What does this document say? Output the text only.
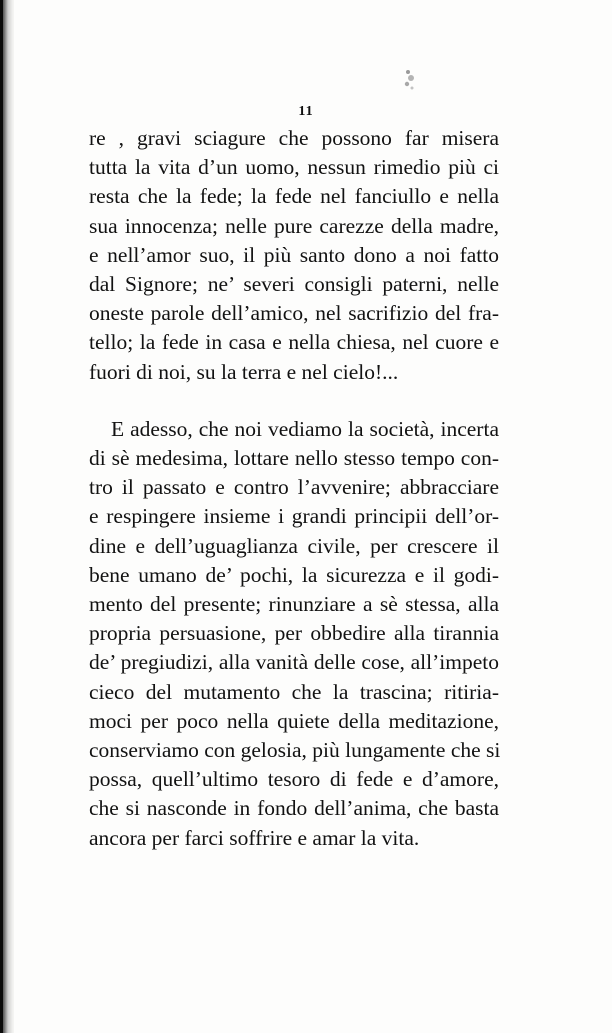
11
re , gravi sciagure che possono far misera
tutta la vita d’un uomo, nessun rimedio più ci
resta che la fede; la fede nel fanciullo e nella
sua innocenza; nelle pure carezze della madre,
e nell’amor suo, il più santo dono a noi fatto
dal Signore; ne’ severi consigli paterni, nelle
oneste parole dell’amico, nel sacrifizio del fra-
tello; la fede in casa e nella chiesa, nel cuore e
fuori di noi, su la terra e nel cielo!...
E adesso, che noi vediamo la società, incerta
di sè medesima, lottare nello stesso tempo con-
tro il passato e contro l’avvenire; abbracciare
e respingere insieme i grandi principii dell’or-
dine e dell’uguaglianza civile, per crescere il
bene umano de’ pochi, la sicurezza e il godi-
mento del presente; rinunziare a sè stessa, alla
propria persuasione, per obbedire alla tirannia
de’ pregiudizi, alla vanità delle cose, all’impeto
cieco del mutamento che la trascina; ritiria-
moci per poco nella quiete della meditazione,
conserviamo con gelosia, più lungamente che si
possa, quell’ultimo tesoro di fede e d’amore,
che si nasconde in fondo dell’anima, che basta
ancora per farci soffrire e amar la vita.
